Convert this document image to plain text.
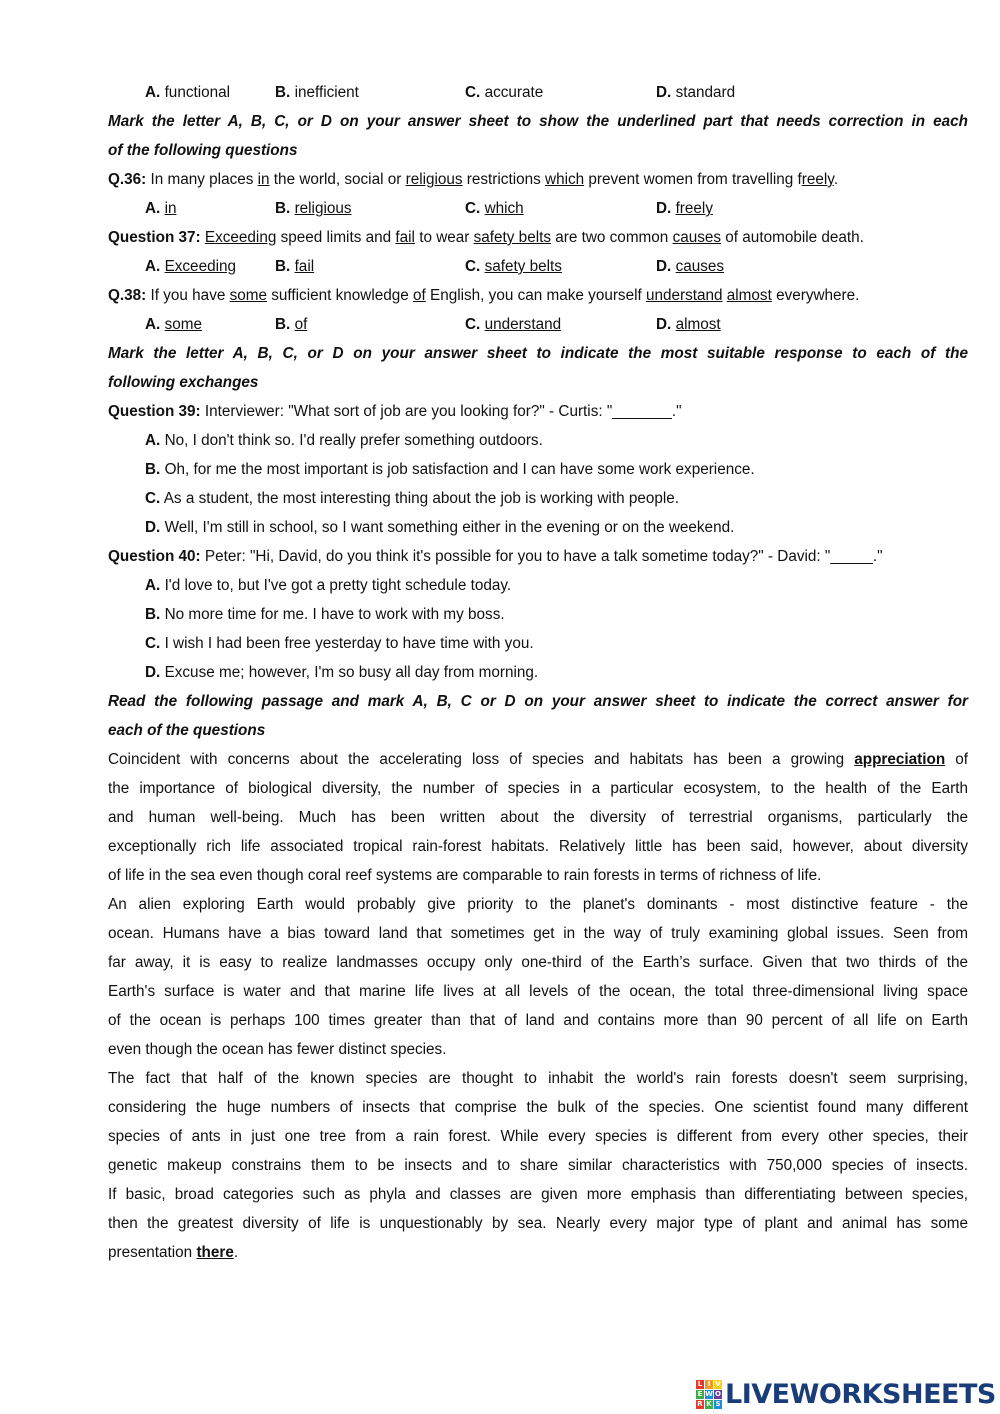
A. functional	B. inefficient	C. accurate	D. standard
Mark the letter A, B, C, or D on your answer sheet to show the underlined part that needs correction in each
of the following questions
Q.36: In many places in the world, social or religious restrictions which prevent women from travelling freely.
A. in	B. religious	C. which	D. freely
Question 37: Exceeding speed limits and fail to wear safety belts are two common causes of automobile death.
A. Exceeding	B. fail	C. safety belts	D. causes
Q.38: If you have some sufficient knowledge of English, you can make yourself understand almost everywhere.
A. some	B. of	C. understand	D. almost
Mark the letter A, B, C, or D on your answer sheet to indicate the most suitable response to each of the
following exchanges
Question 39: Interviewer: "What sort of job are you looking for?" - Curtis: "_______."
A. No, I don't think so. I'd really prefer something outdoors.
B. Oh, for me the most important is job satisfaction and I can have some work experience.
C. As a student, the most interesting thing about the job is working with people.
D. Well, I'm still in school, so I want something either in the evening or on the weekend.
Question 40: Peter: "Hi, David, do you think it's possible for you to have a talk sometime today?" - David: "_____."
A. I'd love to, but I've got a pretty tight schedule today.
B. No more time for me. I have to work with my boss.
C. I wish I had been free yesterday to have time with you.
D. Excuse me; however, I'm so busy all day from morning.
Read the following passage and mark A, B, C or D on your answer sheet to indicate the correct answer for
each of the questions
Coincident with concerns about the accelerating loss of species and habitats has been a growing appreciation of
the importance of biological diversity, the number of species in a particular ecosystem, to the health of the Earth
and human well-being. Much has been written about the diversity of terrestrial organisms, particularly the
exceptionally rich life associated tropical rain-forest habitats. Relatively little has been said, however, about diversity
of life in the sea even though coral reef systems are comparable to rain forests in terms of richness of life.
An alien exploring Earth would probably give priority to the planet's dominants - most distinctive feature - the
ocean. Humans have a bias toward land that sometimes get in the way of truly examining global issues. Seen from
far away, it is easy to realize landmasses occupy only one-third of the Earth’s surface. Given that two thirds of the
Earth's surface is water and that marine life lives at all levels of the ocean, the total three-dimensional living space
of the ocean is perhaps 100 times greater than that of land and contains more than 90 percent of all life on Earth
even though the ocean has fewer distinct species.
The fact that half of the known species are thought to inhabit the world's rain forests doesn't seem surprising,
considering the huge numbers of insects that comprise the bulk of the species. One scientist found many different
species of ants in just one tree from a rain forest. While every species is different from every other species, their
genetic makeup constrains them to be insects and to share similar characteristics with 750,000 species of insects.
If basic, broad categories such as phyla and classes are given more emphasis than differentiating between species,
then the greatest diversity of life is unquestionably by sea. Nearly every major type of plant and animal has some
presentation there.
L I V
E W O
R K S LIVEWORKSHEETS
